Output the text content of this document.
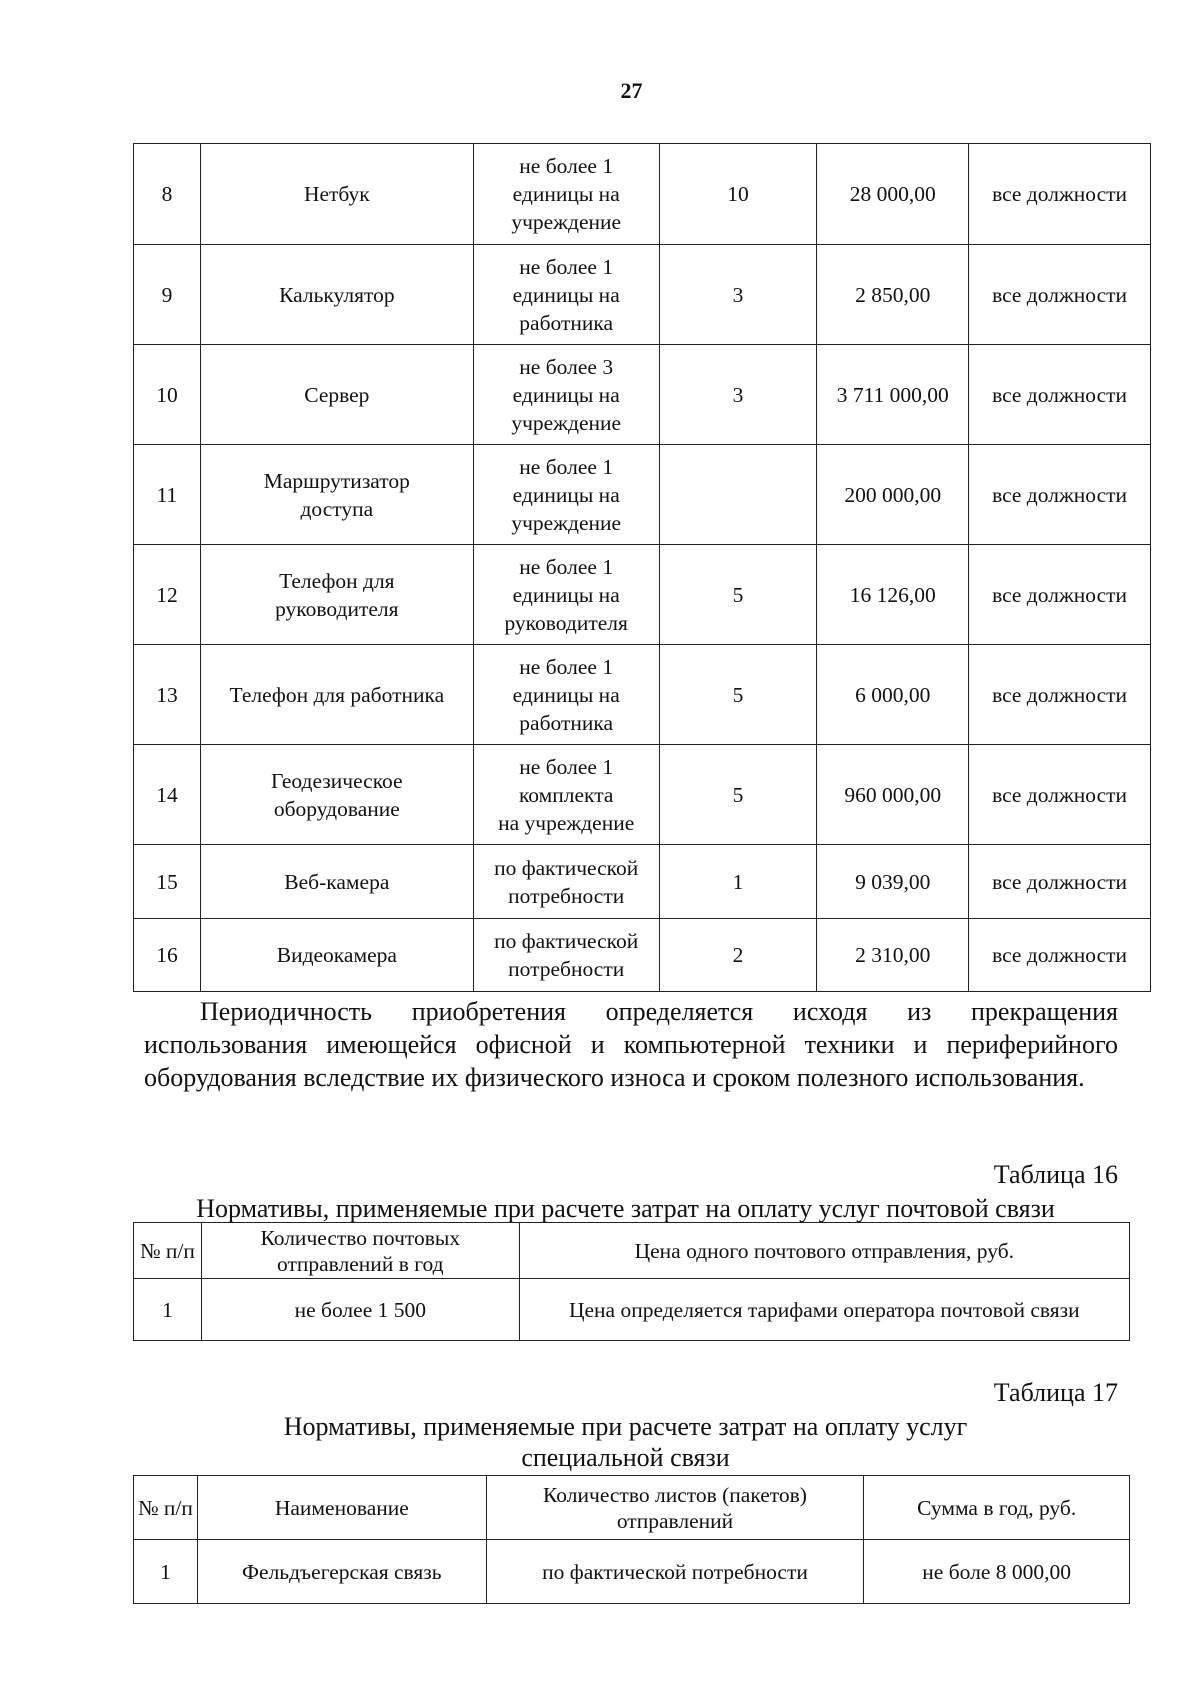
27
8	Нетбук	не более 1
единицы на
учреждение	10	28 000,00	все должности
9	Калькулятор	не более 1
единицы на
работника	3	2 850,00	все должности
10	Сервер	не более 3
единицы на
учреждение	3	3 711 000,00	все должности
11	Маршрутизатор доступа	не более 1
единицы на
учреждение		200 000,00	все должности
12	Телефон для руководителя	не более 1
единицы на
руководителя	5	16 126,00	все должности
13	Телефон для работника	не более 1
единицы на
работника	5	6 000,00	все должности
14	Геодезическое оборудование	не более 1
комплекта
на учреждение	5	960 000,00	все должности
15	Веб-камера	по фактической
потребности	1	9 039,00	все должности
16	Видеокамера	по фактической
потребности	2	2 310,00	все должности
Периодичность приобретения определяется исходя из прекращения использования имеющейся офисной и компьютерной техники и периферийного оборудования вследствие их физического износа и сроком полезного использования.
Таблица 16
Нормативы, применяемые при расчете затрат на оплату услуг почтовой связи
№ п/п	Количество почтовых отправлений в год	Цена одного почтового отправления, руб.
1	не более 1 500	Цена определяется тарифами оператора почтовой связи
Таблица 17
Нормативы, применяемые при расчете затрат на оплату услуг специальной связи
№ п/п	Наименование	Количество листов (пакетов) отправлений	Сумма в год, руб.
1	Фельдъегерская связь	по фактической потребности	не боле 8 000,00
